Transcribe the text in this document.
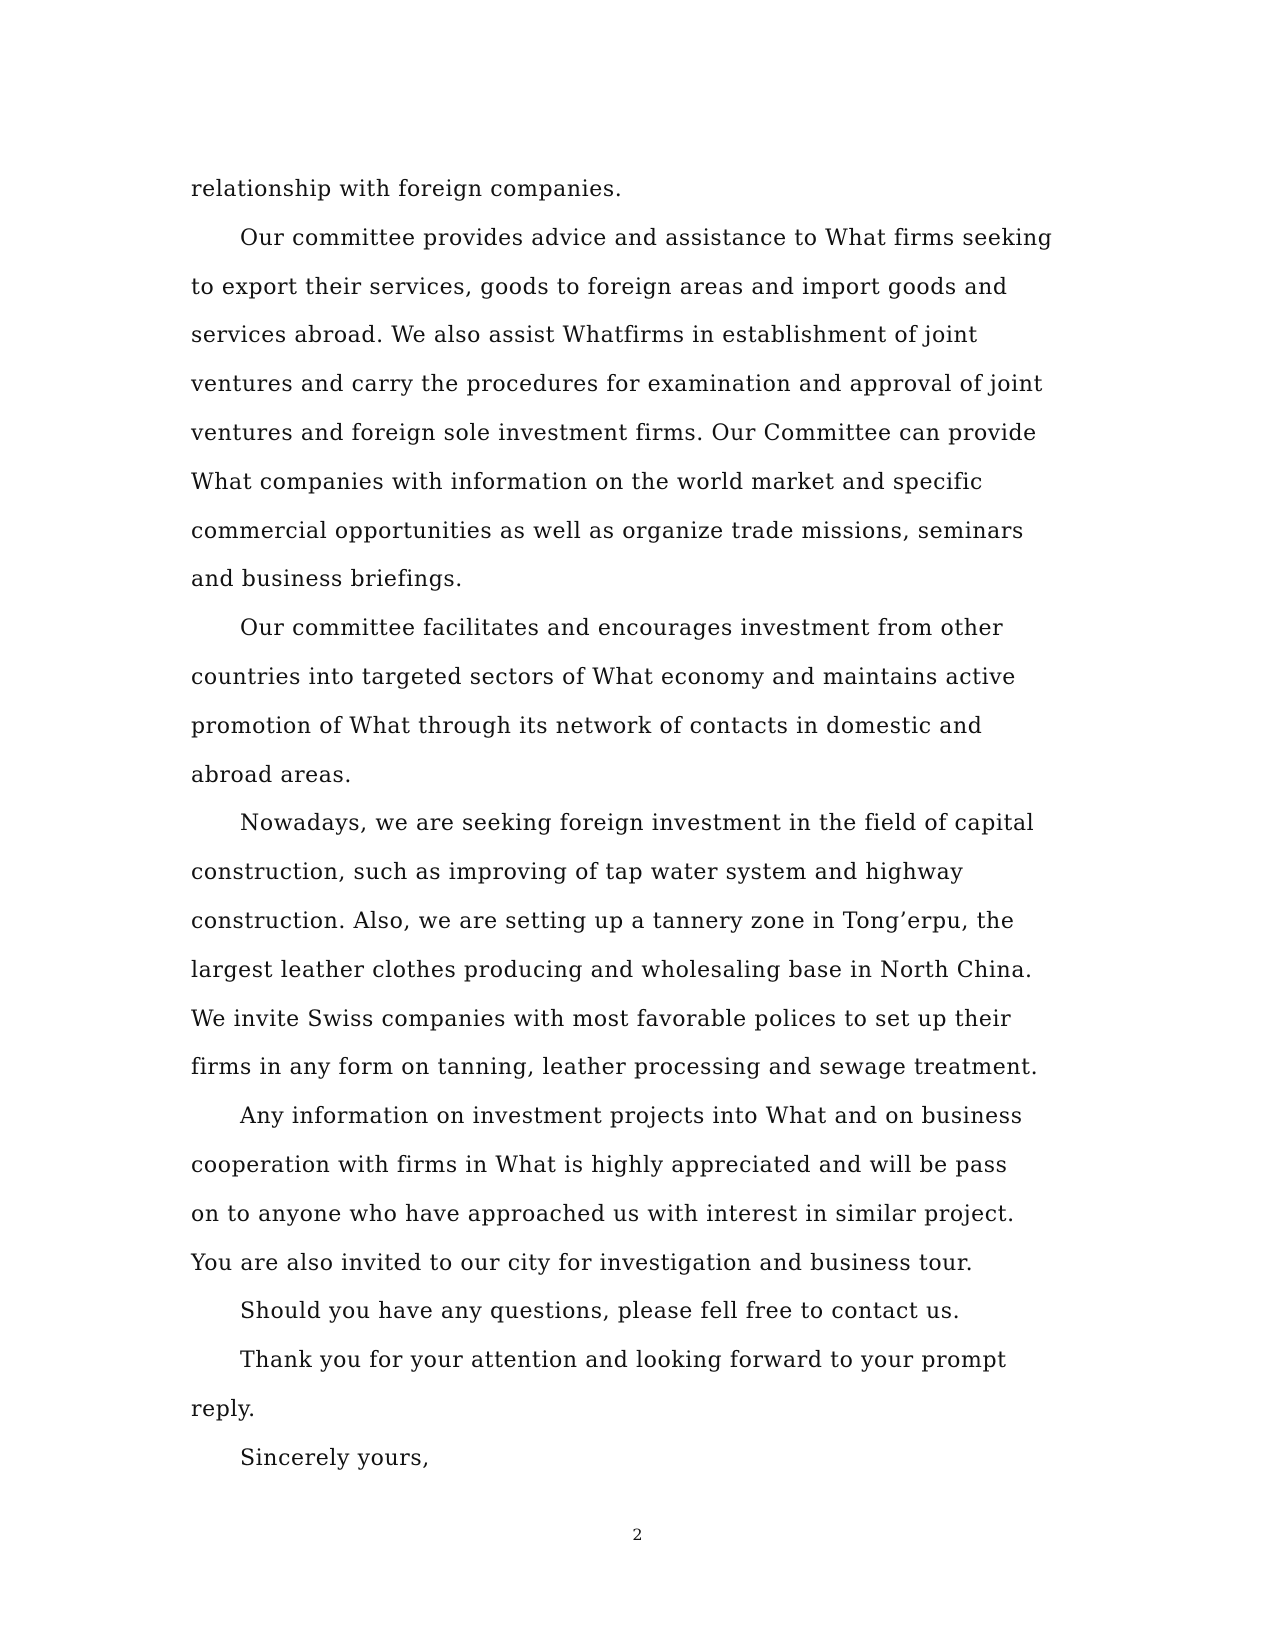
relationship with foreign companies.
Our committee provides advice and assistance to What firms seeking
to export their services, goods to foreign areas and import goods and
services abroad. We also assist Whatfirms in establishment of joint
ventures and carry the procedures for examination and approval of joint
ventures and foreign sole investment firms. Our Committee can provide
What companies with information on the world market and specific
commercial opportunities as well as organize trade missions, seminars
and business briefings.
Our committee facilitates and encourages investment from other
countries into targeted sectors of What economy and maintains active
promotion of What through its network of contacts in domestic and
abroad areas.
Nowadays, we are seeking foreign investment in the field of capital
construction, such as improving of tap water system and highway
construction. Also, we are setting up a tannery zone in Tong’erpu, the
largest leather clothes producing and wholesaling base in North China.
We invite Swiss companies with most favorable polices to set up their
firms in any form on tanning, leather processing and sewage treatment.
Any information on investment projects into What and on business
cooperation with firms in What is highly appreciated and will be pass
on to anyone who have approached us with interest in similar project.
You are also invited to our city for investigation and business tour.
Should you have any questions, please fell free to contact us.
Thank you for your attention and looking forward to your prompt
reply.
Sincerely yours,
2
